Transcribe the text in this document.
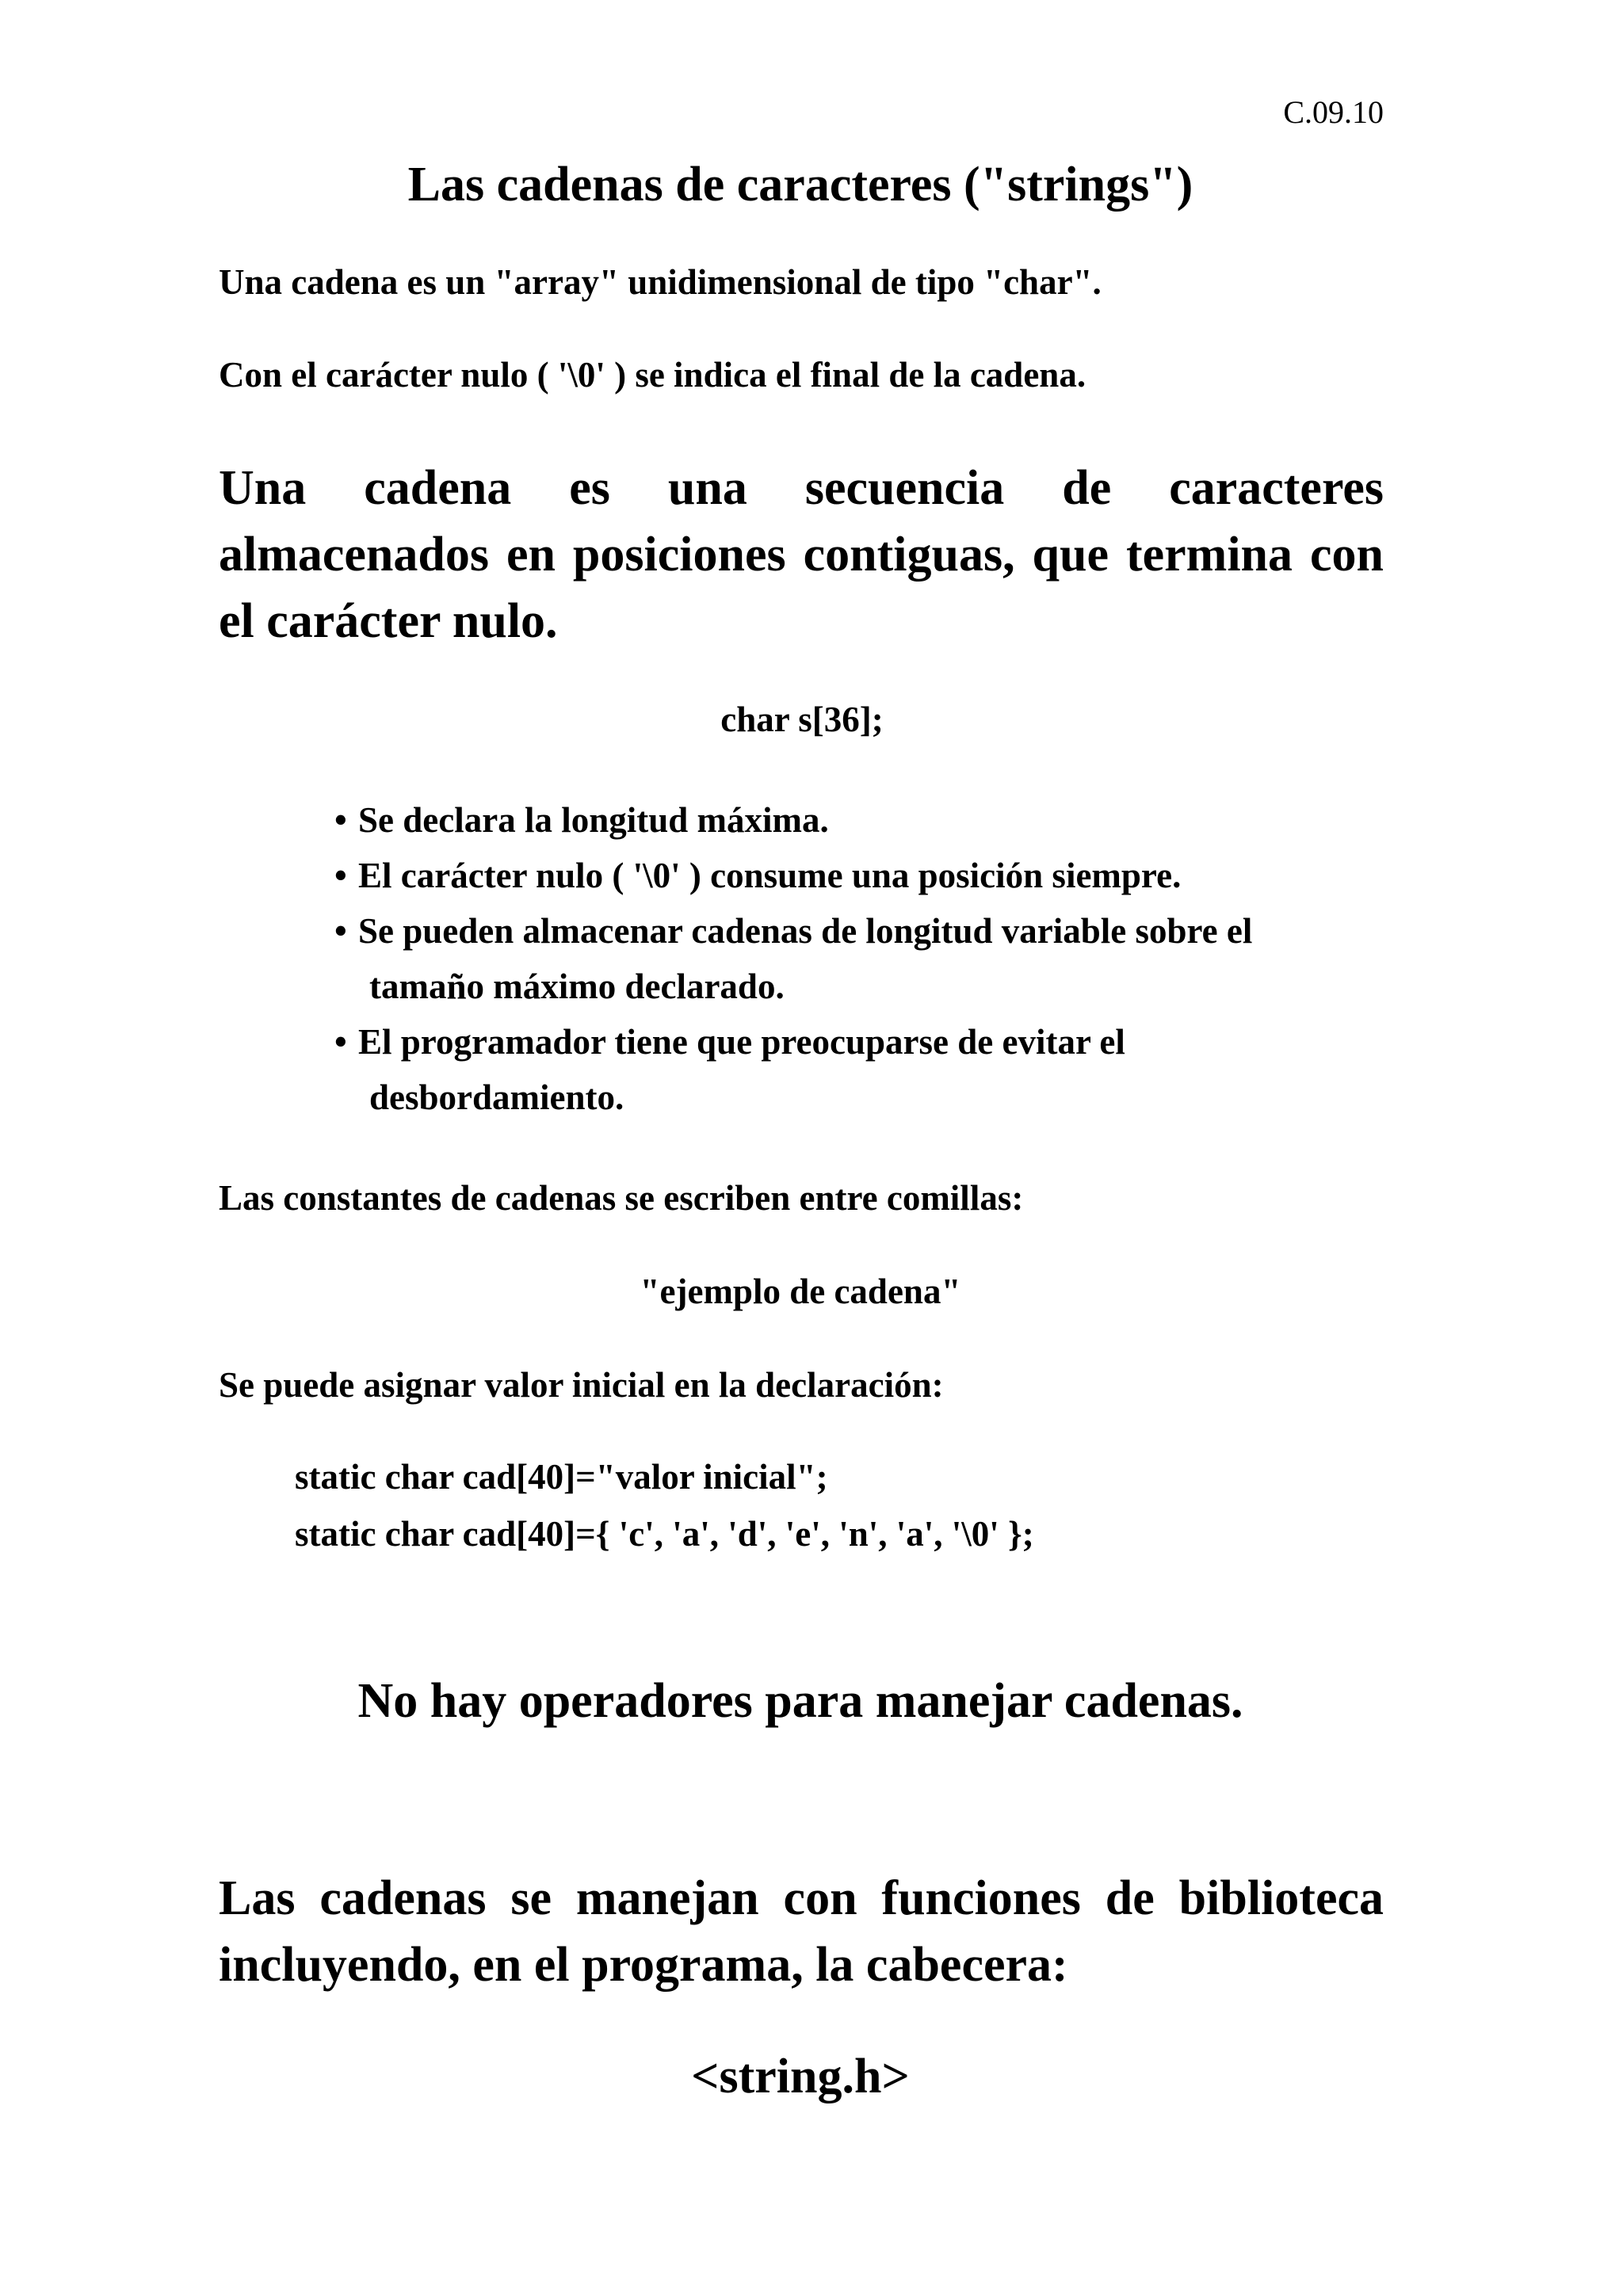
C.09.10
Las cadenas de caracteres ("strings")
Una cadena es un "array" unidimensional de tipo "char".
Con el carácter nulo ( '\0' ) se indica el final de la cadena.
Una cadena es una secuencia de caracteres
almacenados en posiciones contiguas, que termina con
el carácter nulo.
char s[36];
• Se declara la longitud máxima.
• El carácter nulo ( '\0' ) consume una posición siempre.
• Se pueden almacenar cadenas de longitud variable sobre el
tamaño máximo declarado.
• El programador tiene que preocuparse de evitar el
desbordamiento.
Las constantes de cadenas se escriben entre comillas:
"ejemplo de cadena"
Se puede asignar valor inicial en la declaración:
static char cad[40]="valor inicial";
static char cad[40]={ 'c', 'a', 'd', 'e', 'n', 'a', '\0' };
No hay operadores para manejar cadenas.
Las cadenas se manejan con funciones de biblioteca
incluyendo, en el programa, la cabecera:
<string.h>
